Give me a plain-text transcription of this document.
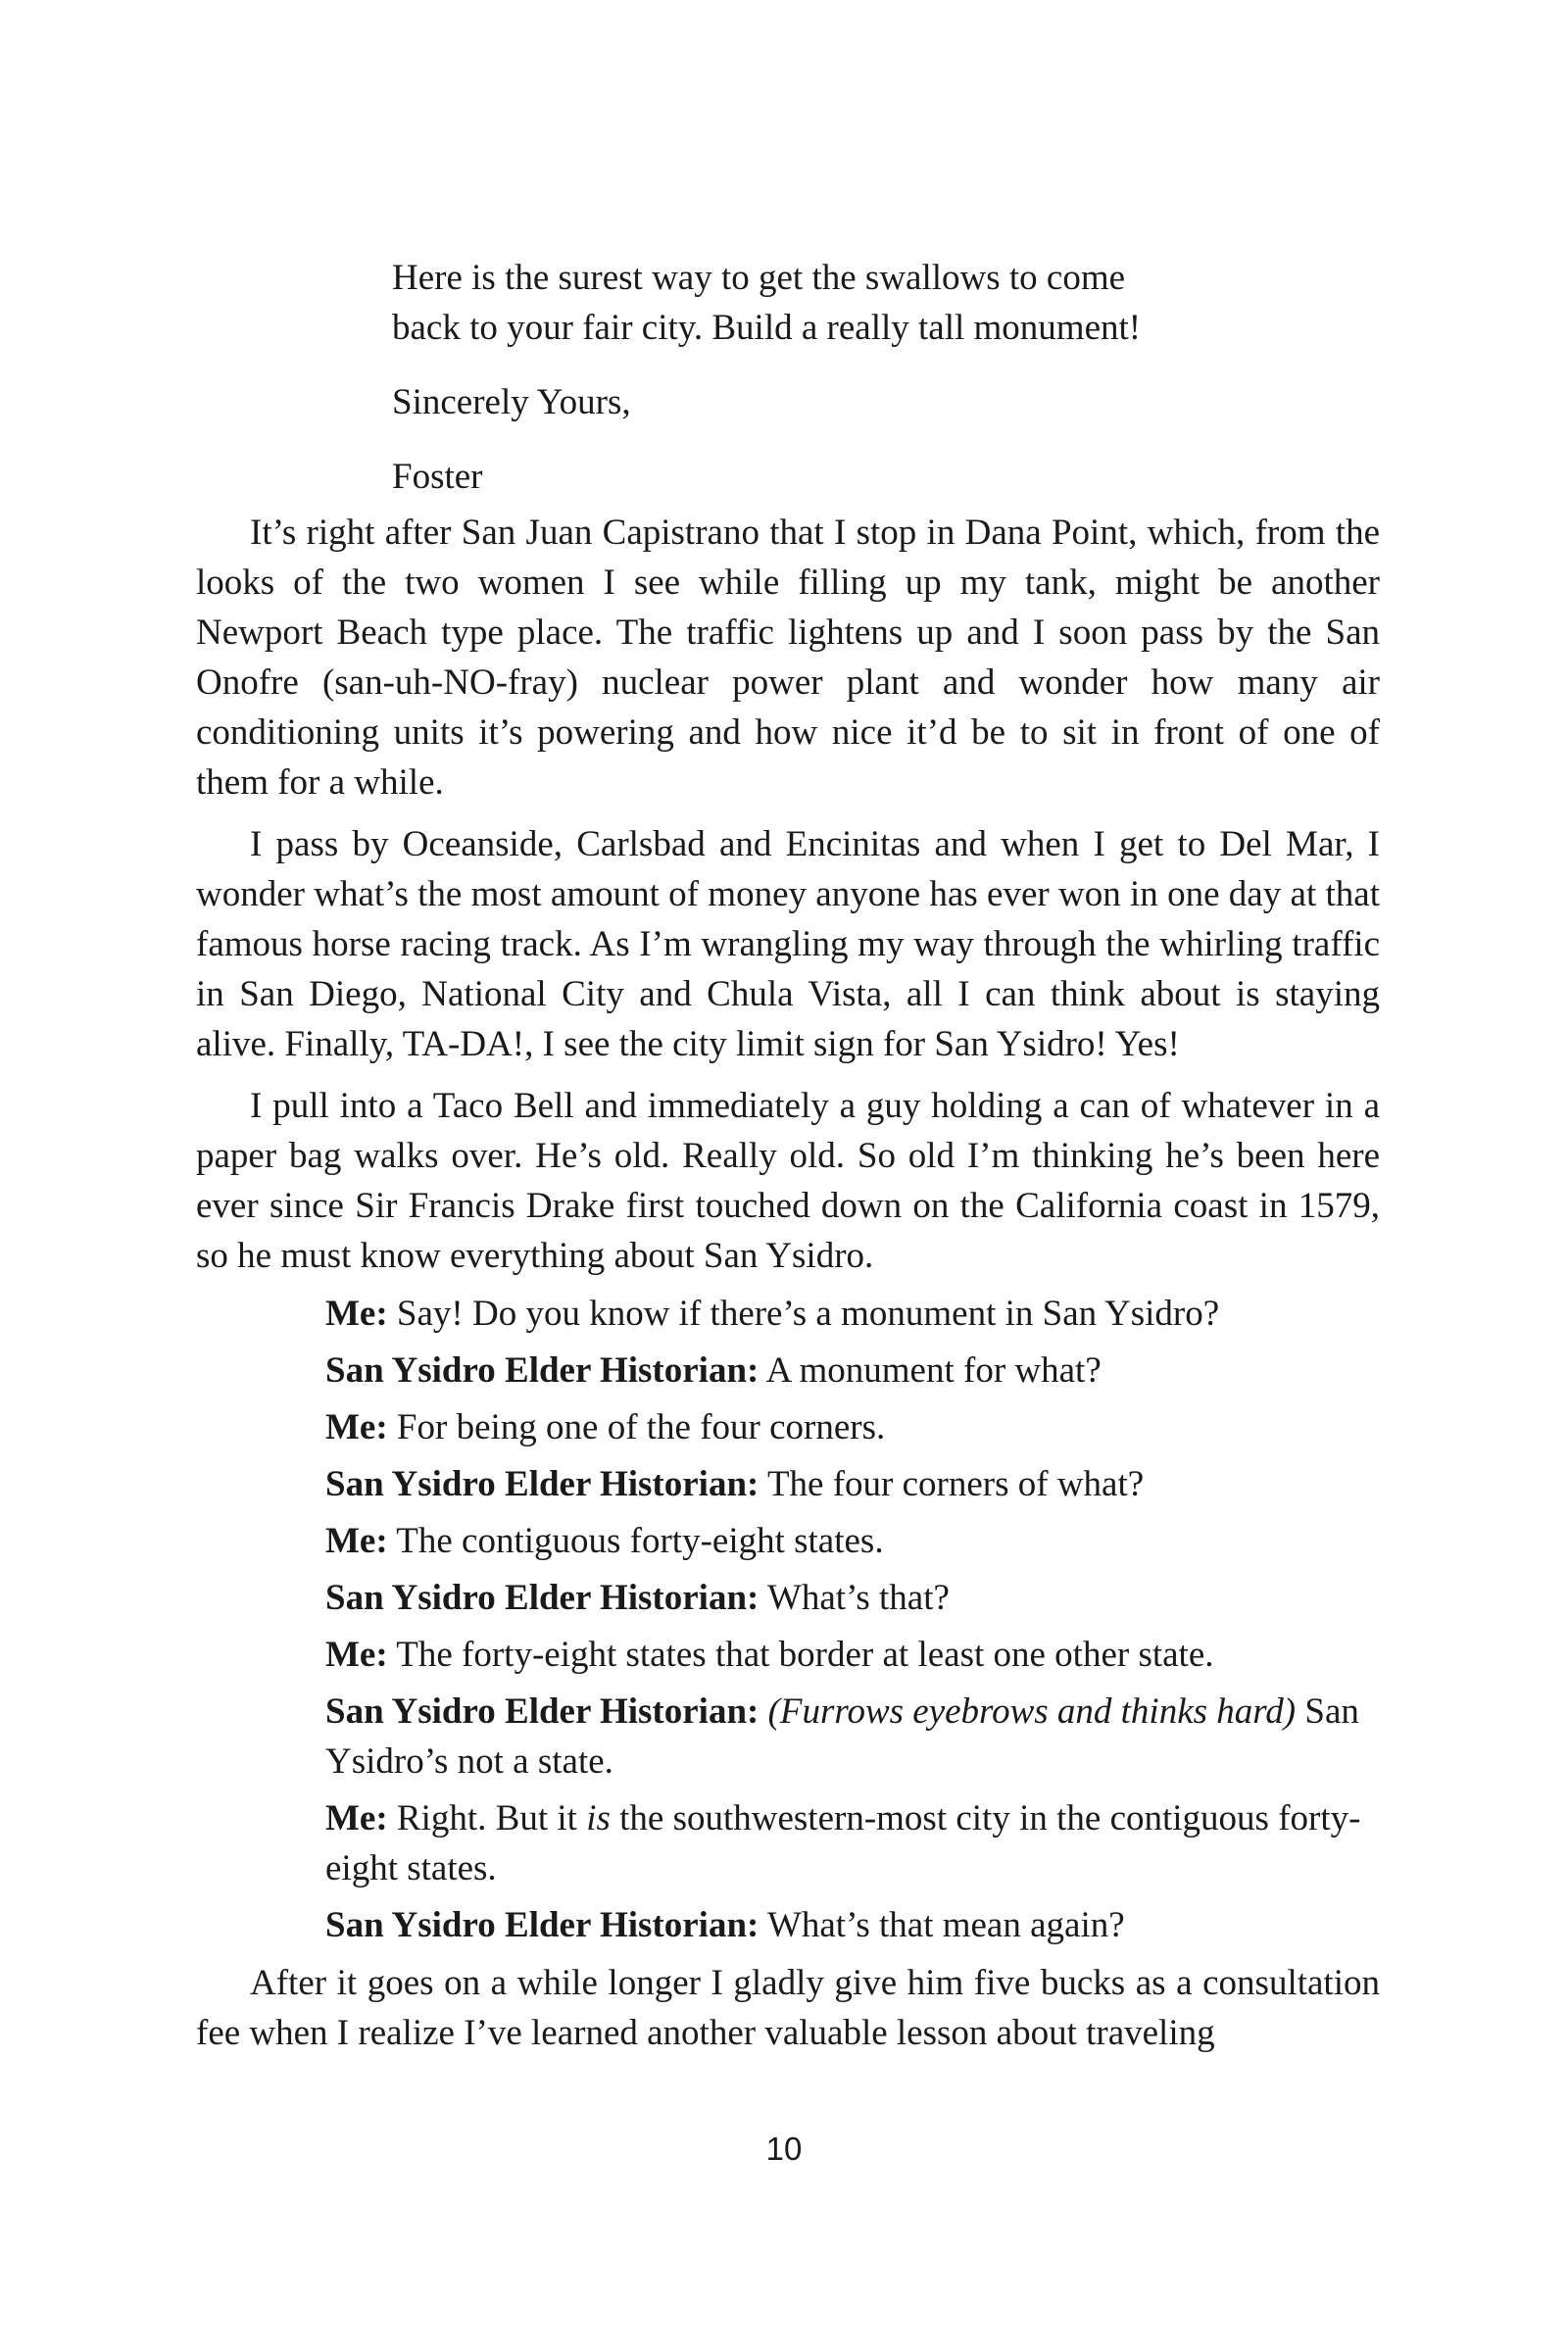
Here is the surest way to get the swallows to come

back to your fair city. Build a really tall monument!

Sincerely Yours,

Foster

It’s right after San Juan Capistrano that I stop in Dana Point, which, from the looks of the two women I see while filling up my tank, might be another Newport Beach type place. The traffic lightens up and I soon pass by the San Onofre (san-uh-NO-fray) nuclear power plant and wonder how many air conditioning units it’s powering and how nice it’d be to sit in front of one of them for a while.

I pass by Oceanside, Carlsbad and Encinitas and when I get to Del Mar, I wonder what’s the most amount of money anyone has ever won in one day at that famous horse racing track. As I’m wrangling my way through the whirling traffic in San Diego, National City and Chula Vista, all I can think about is staying alive. Finally, TA-DA!, I see the city limit sign for San Ysidro! Yes!

I pull into a Taco Bell and immediately a guy holding a can of whatever in a paper bag walks over. He’s old. Really old. So old I’m thinking he’s been here ever since Sir Francis Drake first touched down on the California coast in 1579, so he must know everything about San Ysidro.

Me: Say! Do you know if there’s a monument in San Ysidro?

San Ysidro Elder Historian: A monument for what?

Me: For being one of the four corners.

San Ysidro Elder Historian: The four corners of what?

Me: The contiguous forty-eight states.

San Ysidro Elder Historian: What’s that?

Me: The forty-eight states that border at least one other state.

San Ysidro Elder Historian: (Furrows eyebrows and thinks hard) San Ysidro’s not a state.

Me: Right. But it is the southwestern-most city in the contiguous forty-eight states.

San Ysidro Elder Historian: What’s that mean again?

After it goes on a while longer I gladly give him five bucks as a consultation fee when I realize I’ve learned another valuable lesson about traveling

10
